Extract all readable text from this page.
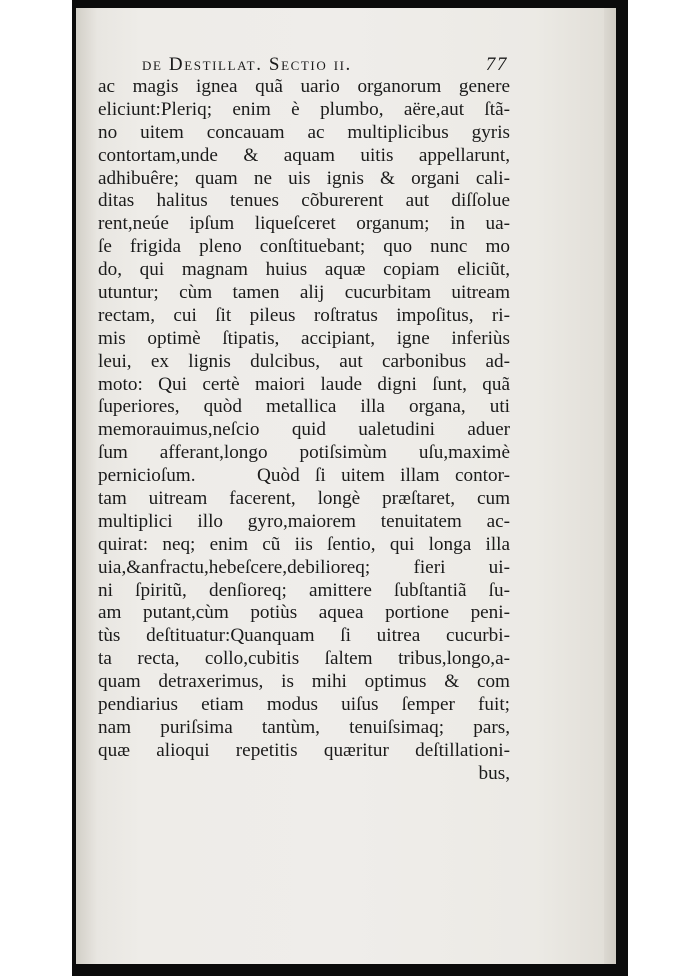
de Destillat. Sectio ii.	77
ac magis ignea quã uario organorum genere
eliciunt:Pleriq; enim è plumbo, aëre,aut ſtã-
no uitem concauam ac multiplicibus gyris
contortam,unde & aquam uitis appellarunt,
adhibuêre; quam ne uis ignis & organi cali-
ditas halitus tenues cõburerent aut diſſolue
rent,neúe ipſum liqueſceret organum; in ua-
ſe frigida pleno conſtituebant; quo nunc mo
do, qui magnam huius aquæ copiam eliciũt,
utuntur; cùm tamen alij cucurbitam uitream
rectam, cui ſit pileus roſtratus impoſitus, ri-
mis optimè ſtipatis, accipiant, igne inferiùs
leui, ex lignis dulcibus, aut carbonibus ad-
moto: Qui certè maiori laude digni ſunt, quã
ſuperiores, quòd metallica illa organa, uti
memorauimus,neſcio quid ualetudini aduer
ſum afferant,longo potiſsimùm uſu,maximè
pernicioſum.    Quòd ſi uitem illam contor-
tam uitream facerent, longè præſtaret, cum
multiplici illo gyro,maiorem tenuitatem ac-
quirat: neq; enim cũ iis ſentio, qui longa illa
uia,&anfractu,hebeſcere,debilioreq; fieri ui-
ni ſpiritũ, denſioreq; amittere ſubſtantiã ſu-
am putant,cùm potiùs aquea portione peni-
tùs deſtituatur:Quanquam ſi uitrea cucurbi-
ta recta, collo,cubitis ſaltem tribus,longo,a-
quam detraxerimus, is mihi optimus & com
pendiarius etiam modus uiſus ſemper fuit;
nam puriſsima tantùm, tenuiſsimaq; pars,
quæ alioqui repetitis quæritur deſtillationi-
bus,
